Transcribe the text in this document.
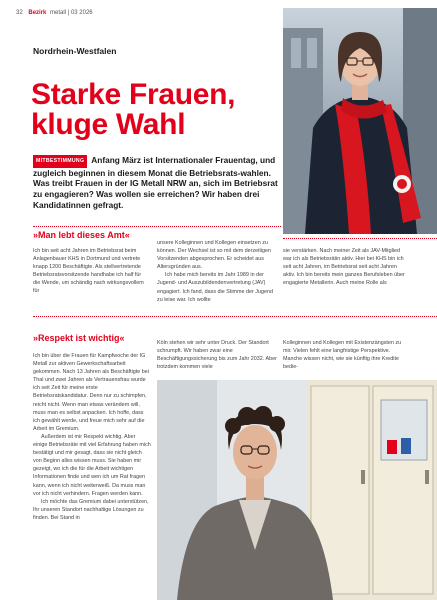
32 Bezirk metall | 03 2026
Nordrhein-Westfalen
Starke Frauen,
kluge Wahl
MITBESTIMMUNG Anfang März ist Internationaler Frauentag, und zugleich beginnen in diesem Monat die Betriebsrats-wahlen. Was treibt Frauen in der IG Metall NRW an, sich im Betriebsrat zu engagieren? Was wollen sie erreichen? Wir haben drei Kandidatinnen gefragt.
»Man lebt dieses Amt«

Ich bin seit acht Jahren im Betriebsrat beim Anlagenbauer KHS in Dortmund und vertrete knapp 1200 Beschäftigte. Als stellvertretende Betriebsratsvorsitzende handhabe ich half für die Wende, um schändig nach wirkungsvollem für

unsere Kolleginnen und Kollegen einsetzen zu können. Der Wechsel ist so mit dem derzeitigen Vorsitzenden abgesprochen. Er scheidet aus Altersgründen aus.

Ich habe mich bereits im Jahr 1989 in der Jugend- und Auszubildendenvertretung (JAV) engagiert. Ich fand, dass die Stimme der Jugend zu leise war. Ich wollte

sie verstärken. Nach meiner Zeit als JAV-Mitglied war ich als Betriebsrätin aktiv. Hier bei KHS bin ich seit acht Jahren, im Betriebsrat seit acht Jahren aktiv. Ich bin bereits mein ganzes Berufsleben über engagierte Metallerin. Auch meine Rolle als

»Respekt ist wichtig«

Ich bin über die Frauen für Kampfwoche der IG Metall zur aktiven Gewerkschaftsarbeit gekommen. Nach 13 Jahren als Beschäftigte bei Thal und zwei Jahren als Vertrauensfrau wurde ich seit Zeit für meine erste Betriebsratskandidatur. Denn nur zu schimpfen, reicht nicht. Wenn man etwas verändern will, muss man es selbst anpacken. Ich hoffe, dass ich gewählt werde, und freue mich sehr auf die Arbeit im Gremium.

Außerdem ist mir Respekt wichtig. Aber einige Betriebsräte mit viel Erfahrung haben mich bestätigt und mir gesagt, dass sie nicht gleich von Beginn alles wissen muss. Sie haben mir gezeigt, wo ich die für die Arbeit wichtigen Informationen finde und wen ich um Rat fragen kann, wenn ich nicht weiterweiß. Da muss man vor ich nicht verhindern. Fragen werden kann.

Ich möchte das Gremium dabei unterstützen, Ihr unseren Standort nachhaltige Lösungen zu finden. Bei Stand in

Köln stehen wir sehr unter Druck. Der Standort schrumpft. Wir haben zwar eine Beschäftigungssicherung bis zum Jahr 2032. Aber trotzdem kommen viele

Kolleginnen und Kollegen mit Existenzängsten zu mir. Vielen fehlt eine langfristige Perspektive. Manche wissen nicht, wie sie künftig ihre Kredite bedie-
